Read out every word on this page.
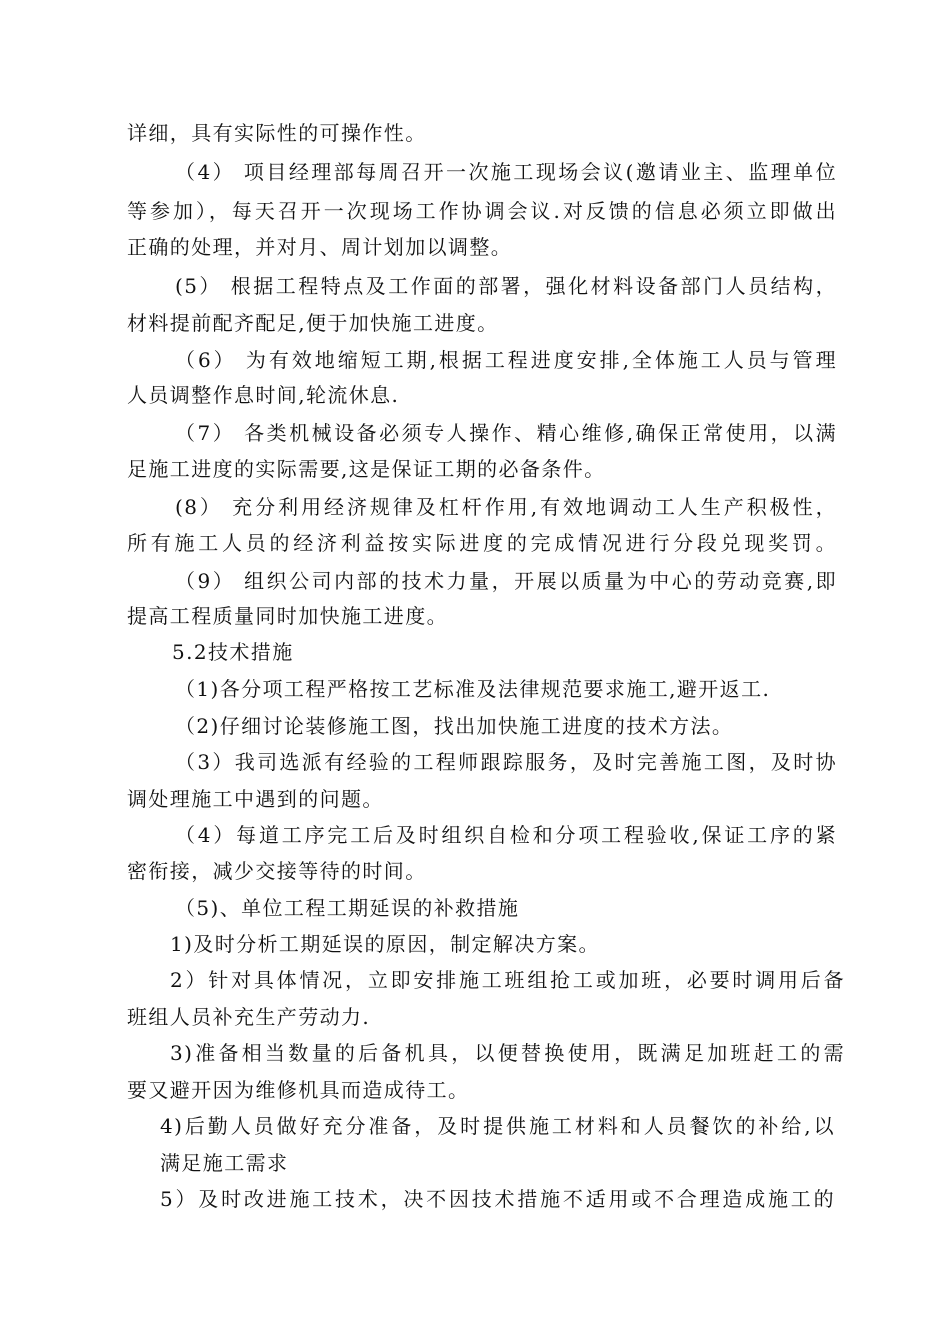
详细，具有实际性的可操作性。
（4） 项目经理部每周召开一次施工现场会议(邀请业主、监理单位
等参加），每天召开一次现场工作协调会议.对反馈的信息必须立即做出
正确的处理，并对月、周计划加以调整。
(5） 根据工程特点及工作面的部署，强化材料设备部门人员结构，
材料提前配齐配足,便于加快施工进度。
（6） 为有效地缩短工期,根据工程进度安排,全体施工人员与管理
人员调整作息时间,轮流休息.
（7） 各类机械设备必须专人操作、精心维修,确保正常使用，以满
足施工进度的实际需要,这是保证工期的必备条件。
(8） 充分利用经济规律及杠杆作用,有效地调动工人生产积极性，
所有施工人员的经济利益按实际进度的完成情况进行分段兑现奖罚。
（9） 组织公司内部的技术力量，开展以质量为中心的劳动竞赛,即
提高工程质量同时加快施工进度。
5.2技术措施
（1)各分项工程严格按工艺标准及法律规范要求施工,避开返工.
（2)仔细讨论装修施工图，找出加快施工进度的技术方法。
（3）我司选派有经验的工程师跟踪服务，及时完善施工图，及时协
调处理施工中遇到的问题。
（4）每道工序完工后及时组织自检和分项工程验收,保证工序的紧
密衔接，减少交接等待的时间。
（5)、单位工程工期延误的补救措施
1)及时分析工期延误的原因，制定解决方案。
2）针对具体情况，立即安排施工班组抢工或加班，必要时调用后备
班组人员补充生产劳动力.
3)准备相当数量的后备机具，以便替换使用，既满足加班赶工的需
要又避开因为维修机具而造成待工。
4)后勤人员做好充分准备，及时提供施工材料和人员餐饮的补给,以
满足施工需求
5）及时改进施工技术，决不因技术措施不适用或不合理造成施工的
